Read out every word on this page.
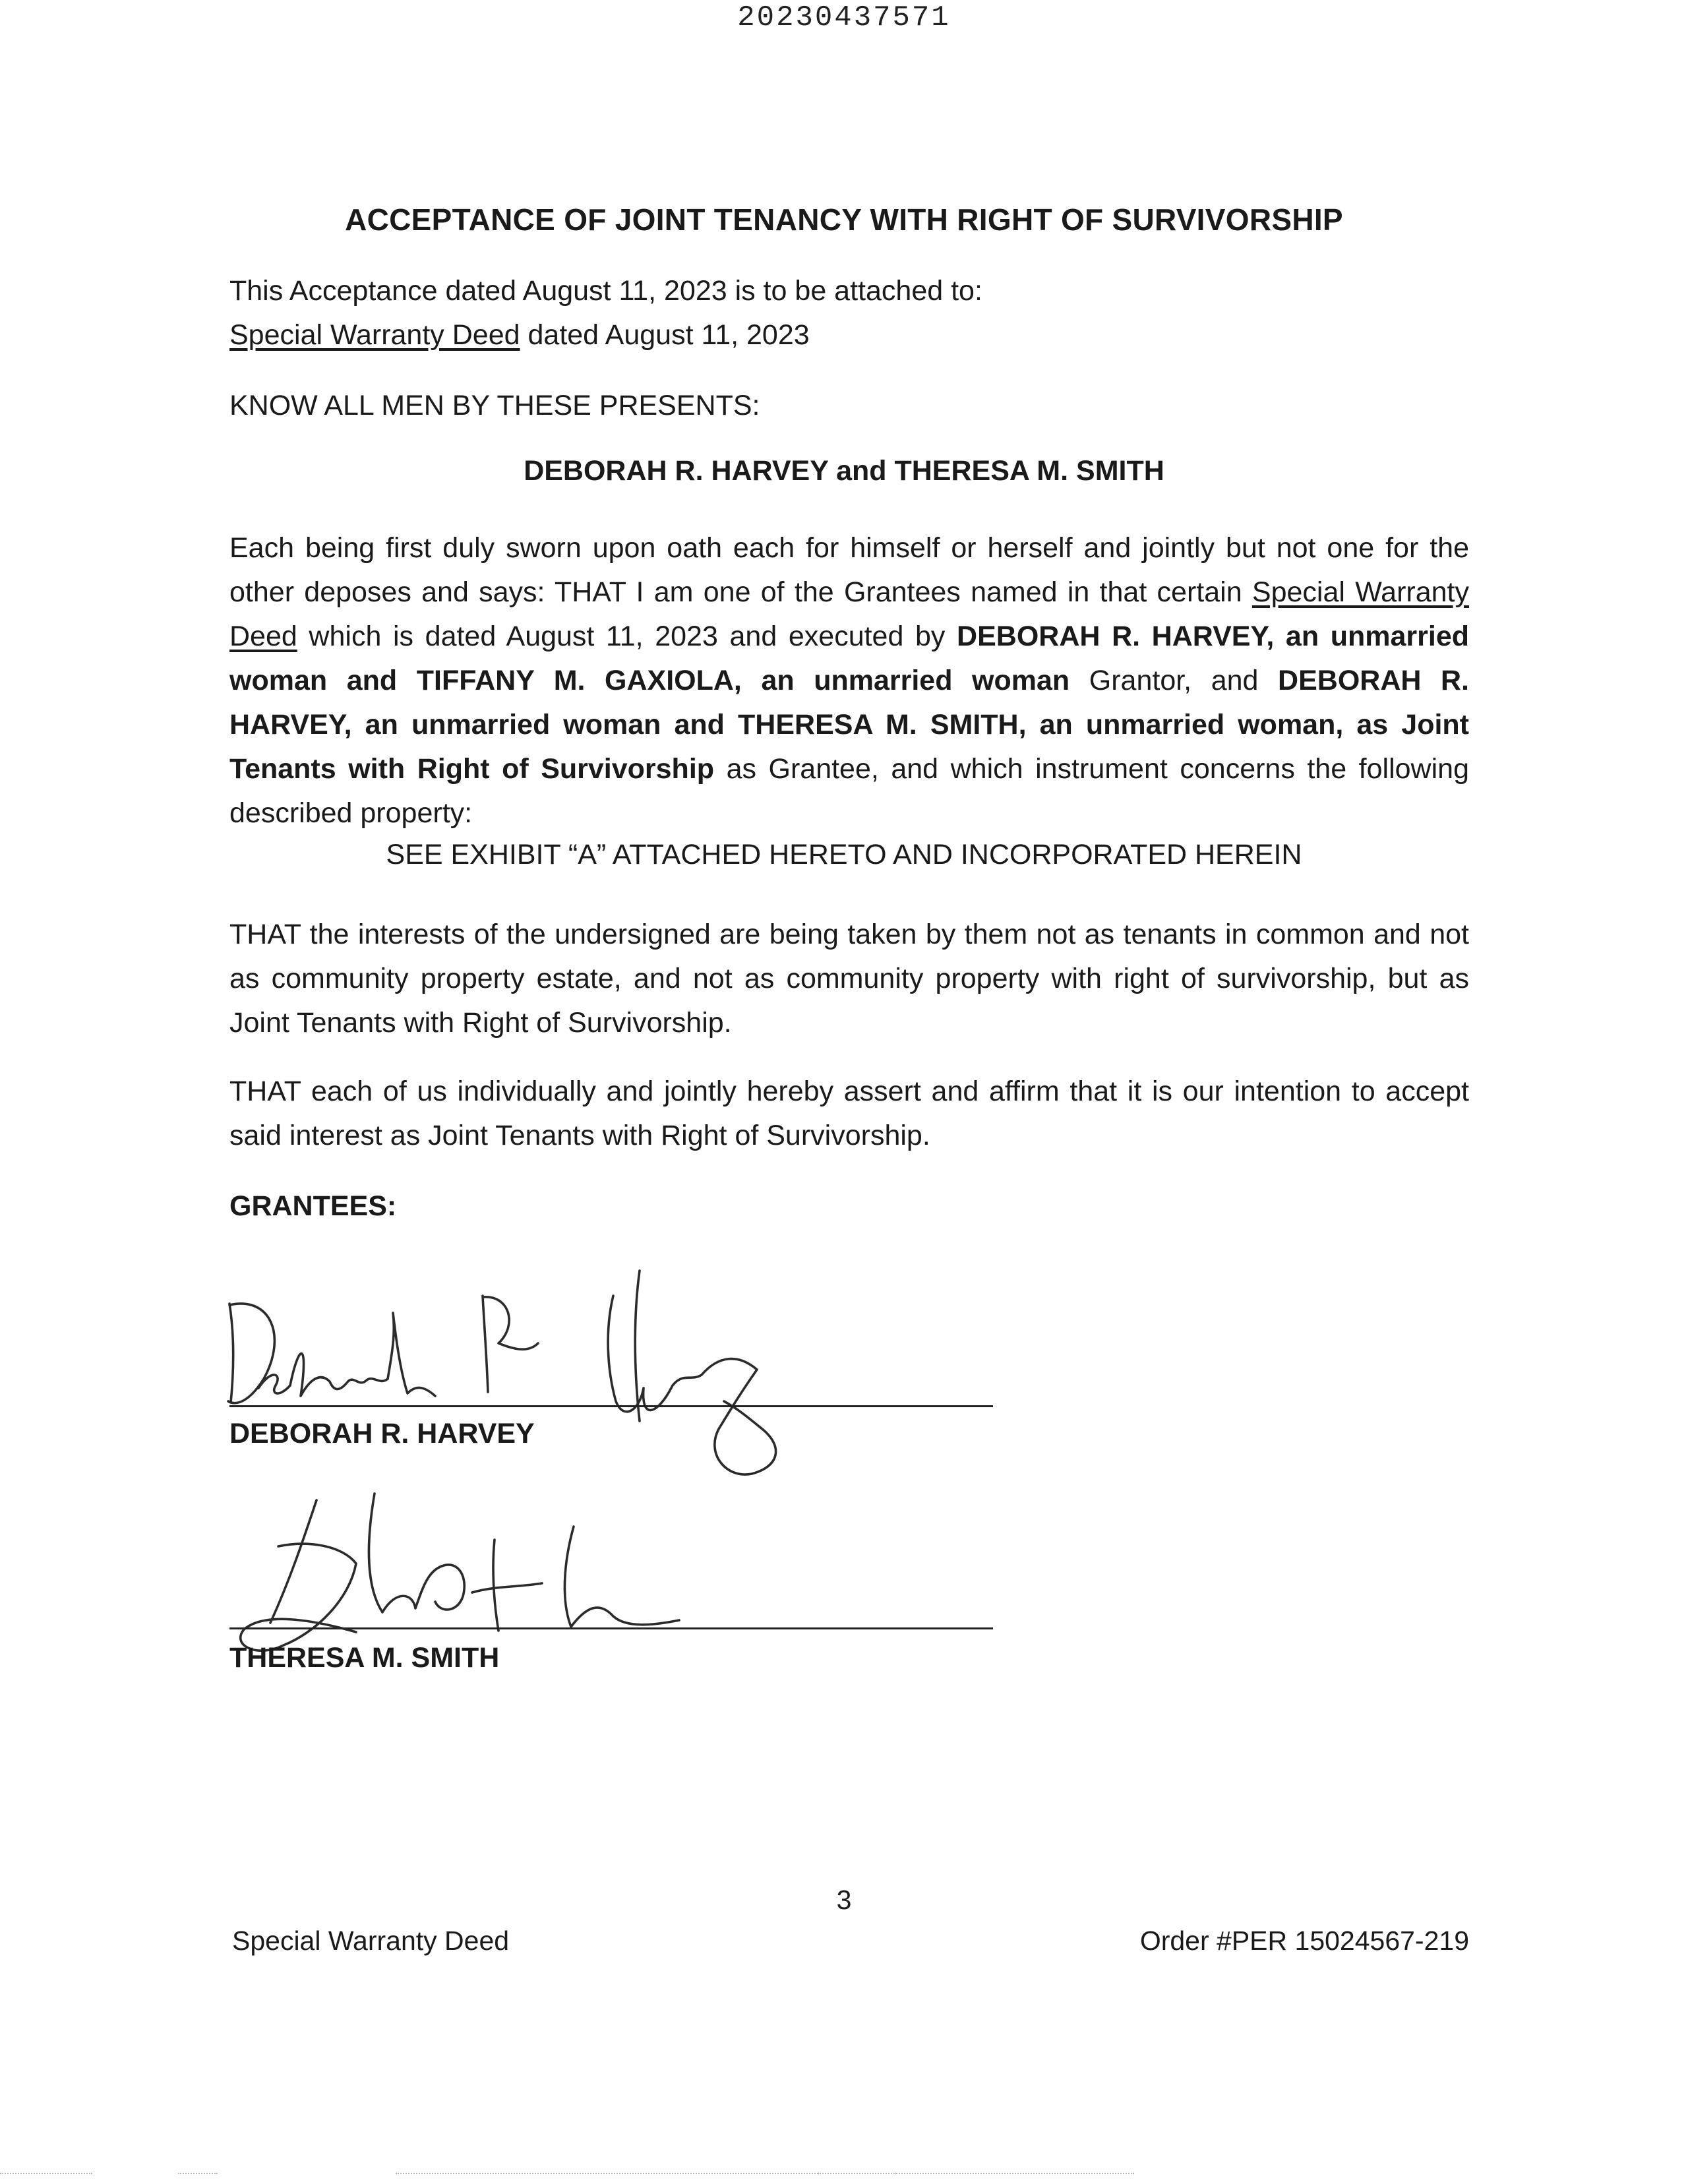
20230437571
ACCEPTANCE OF JOINT TENANCY WITH RIGHT OF SURVIVORSHIP
This Acceptance dated August 11, 2023 is to be attached to:
Special Warranty Deed dated August 11, 2023
KNOW ALL MEN BY THESE PRESENTS:
DEBORAH R. HARVEY and THERESA M. SMITH
Each being first duly sworn upon oath each for himself or herself and jointly but not one for the other deposes and says: THAT I am one of the Grantees named in that certain Special Warranty Deed which is dated August 11, 2023 and executed by DEBORAH R. HARVEY, an unmarried woman and TIFFANY M. GAXIOLA, an unmarried woman Grantor, and DEBORAH R. HARVEY, an unmarried woman and THERESA M. SMITH, an unmarried woman, as Joint Tenants with Right of Survivorship as Grantee, and which instrument concerns the following described property:
SEE EXHIBIT “A” ATTACHED HERETO AND INCORPORATED HEREIN
THAT the interests of the undersigned are being taken by them not as tenants in common and not as community property estate, and not as community property with right of survivorship, but as Joint Tenants with Right of Survivorship.
THAT each of us individually and jointly hereby assert and affirm that it is our intention to accept said interest as Joint Tenants with Right of Survivorship.
GRANTEES:
DEBORAH R. HARVEY
THERESA M. SMITH
3
Special Warranty Deed	Order #PER 15024567-219
